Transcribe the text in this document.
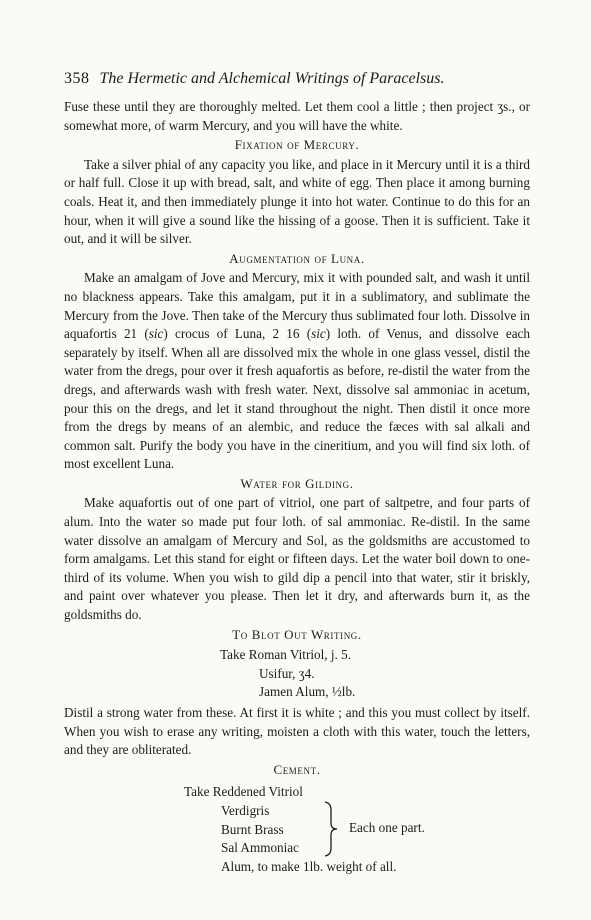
358 The Hermetic and Alchemical Writings of Paracelsus.

Fuse these until they are thoroughly melted. Let them cool a little ; then project ʒs., or somewhat more, of warm Mercury, and you will have the white.

Fixation of Mercury.

Take a silver phial of any capacity you like, and place in it Mercury until it is a third or half full. Close it up with bread, salt, and white of egg. Then place it among burning coals. Heat it, and then immediately plunge it into hot water. Continue to do this for an hour, when it will give a sound like the hissing of a goose. Then it is sufficient. Take it out, and it will be silver.

Augmentation of Luna.

Make an amalgam of Jove and Mercury, mix it with pounded salt, and wash it until no blackness appears. Take this amalgam, put it in a sublimatory, and sublimate the Mercury from the Jove. Then take of the Mercury thus sublimated four loth. Dissolve in aquafortis 21 (sic) crocus of Luna, 2 16 (sic) loth. of Venus, and dissolve each separately by itself. When all are dissolved mix the whole in one glass vessel, distil the water from the dregs, pour over it fresh aquafortis as before, re-distil the water from the dregs, and afterwards wash with fresh water. Next, dissolve sal ammoniac in acetum, pour this on the dregs, and let it stand throughout the night. Then distil it once more from the dregs by means of an alembic, and reduce the fæces with sal alkali and common salt. Purify the body you have in the cineritium, and you will find six loth. of most excellent Luna.

Water for Gilding.

Make aquafortis out of one part of vitriol, one part of saltpetre, and four parts of alum. Into the water so made put four loth. of sal ammoniac. Re-distil. In the same water dissolve an amalgam of Mercury and Sol, as the goldsmiths are accustomed to form amalgams. Let this stand for eight or fifteen days. Let the water boil down to one-third of its volume. When you wish to gild dip a pencil into that water, stir it briskly, and paint over whatever you please. Then let it dry, and afterwards burn it, as the goldsmiths do.

To Blot Out Writing.
Take Roman Vitriol, j. 5.
Usifur, ʒ4.
Jamen Alum, ½lb.

Distil a strong water from these. At first it is white ; and this you must collect by itself. When you wish to erase any writing, moisten a cloth with this water, touch the letters, and they are obliterated.

Cement.
Take Reddened Vitriol
Verdigris
Burnt Brass
Sal Ammoniac
Alum, to make 1lb. weight of all.
Each one part.
